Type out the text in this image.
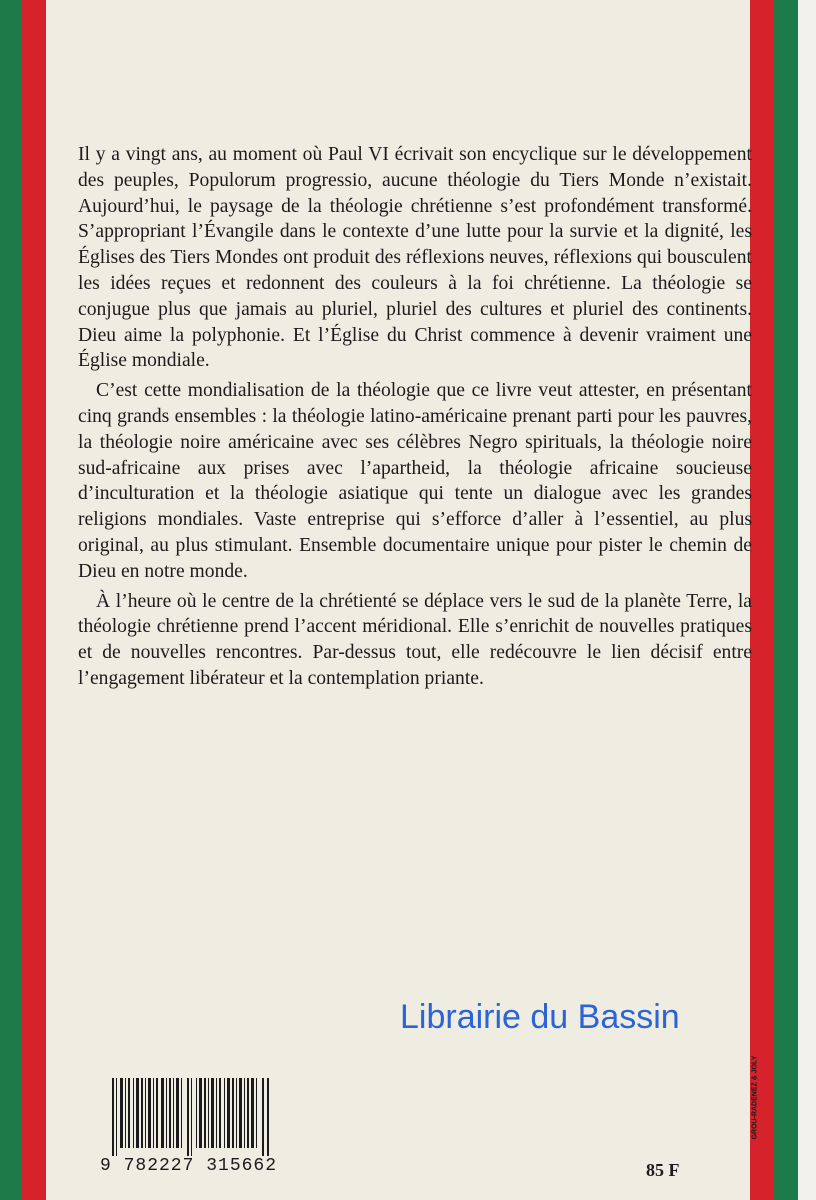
Il y a vingt ans, au moment où Paul VI écrivait son encyclique sur le développement des peuples, Populorum progressio, aucune théologie du Tiers Monde n’existait. Aujourd’hui, le paysage de la théologie chrétienne s’est profondément transformé. S’appropriant l’Évangile dans le contexte d’une lutte pour la survie et la dignité, les Églises des Tiers Mondes ont produit des réflexions neuves, réflexions qui bousculent les idées reçues et redonnent des couleurs à la foi chrétienne. La théologie se conjugue plus que jamais au pluriel, pluriel des cultures et pluriel des continents. Dieu aime la polyphonie. Et l’Église du Christ commence à devenir vraiment une Église mondiale.

C’est cette mondialisation de la théologie que ce livre veut attester, en présentant cinq grands ensembles : la théologie latino-américaine prenant parti pour les pauvres, la théologie noire américaine avec ses célèbres Negro spirituals, la théologie noire sud-africaine aux prises avec l’apartheid, la théologie africaine soucieuse d’inculturation et la théologie asiatique qui tente un dialogue avec les grandes religions mondiales. Vaste entreprise qui s’efforce d’aller à l’essentiel, au plus original, au plus stimulant. Ensemble documentaire unique pour pister le chemin de Dieu en notre monde.

À l’heure où le centre de la chrétienté se déplace vers le sud de la planète Terre, la théologie chrétienne prend l’accent méridional. Elle s’enrichit de nouvelles pratiques et de nouvelles rencontres. Par-dessus tout, elle redécouvre le lien décisif entre l’engagement libérateur et la contemplation priante.

Librairie du Bassin
9 782227 315662	85 F
GROU-RADENEZ & JOLY
